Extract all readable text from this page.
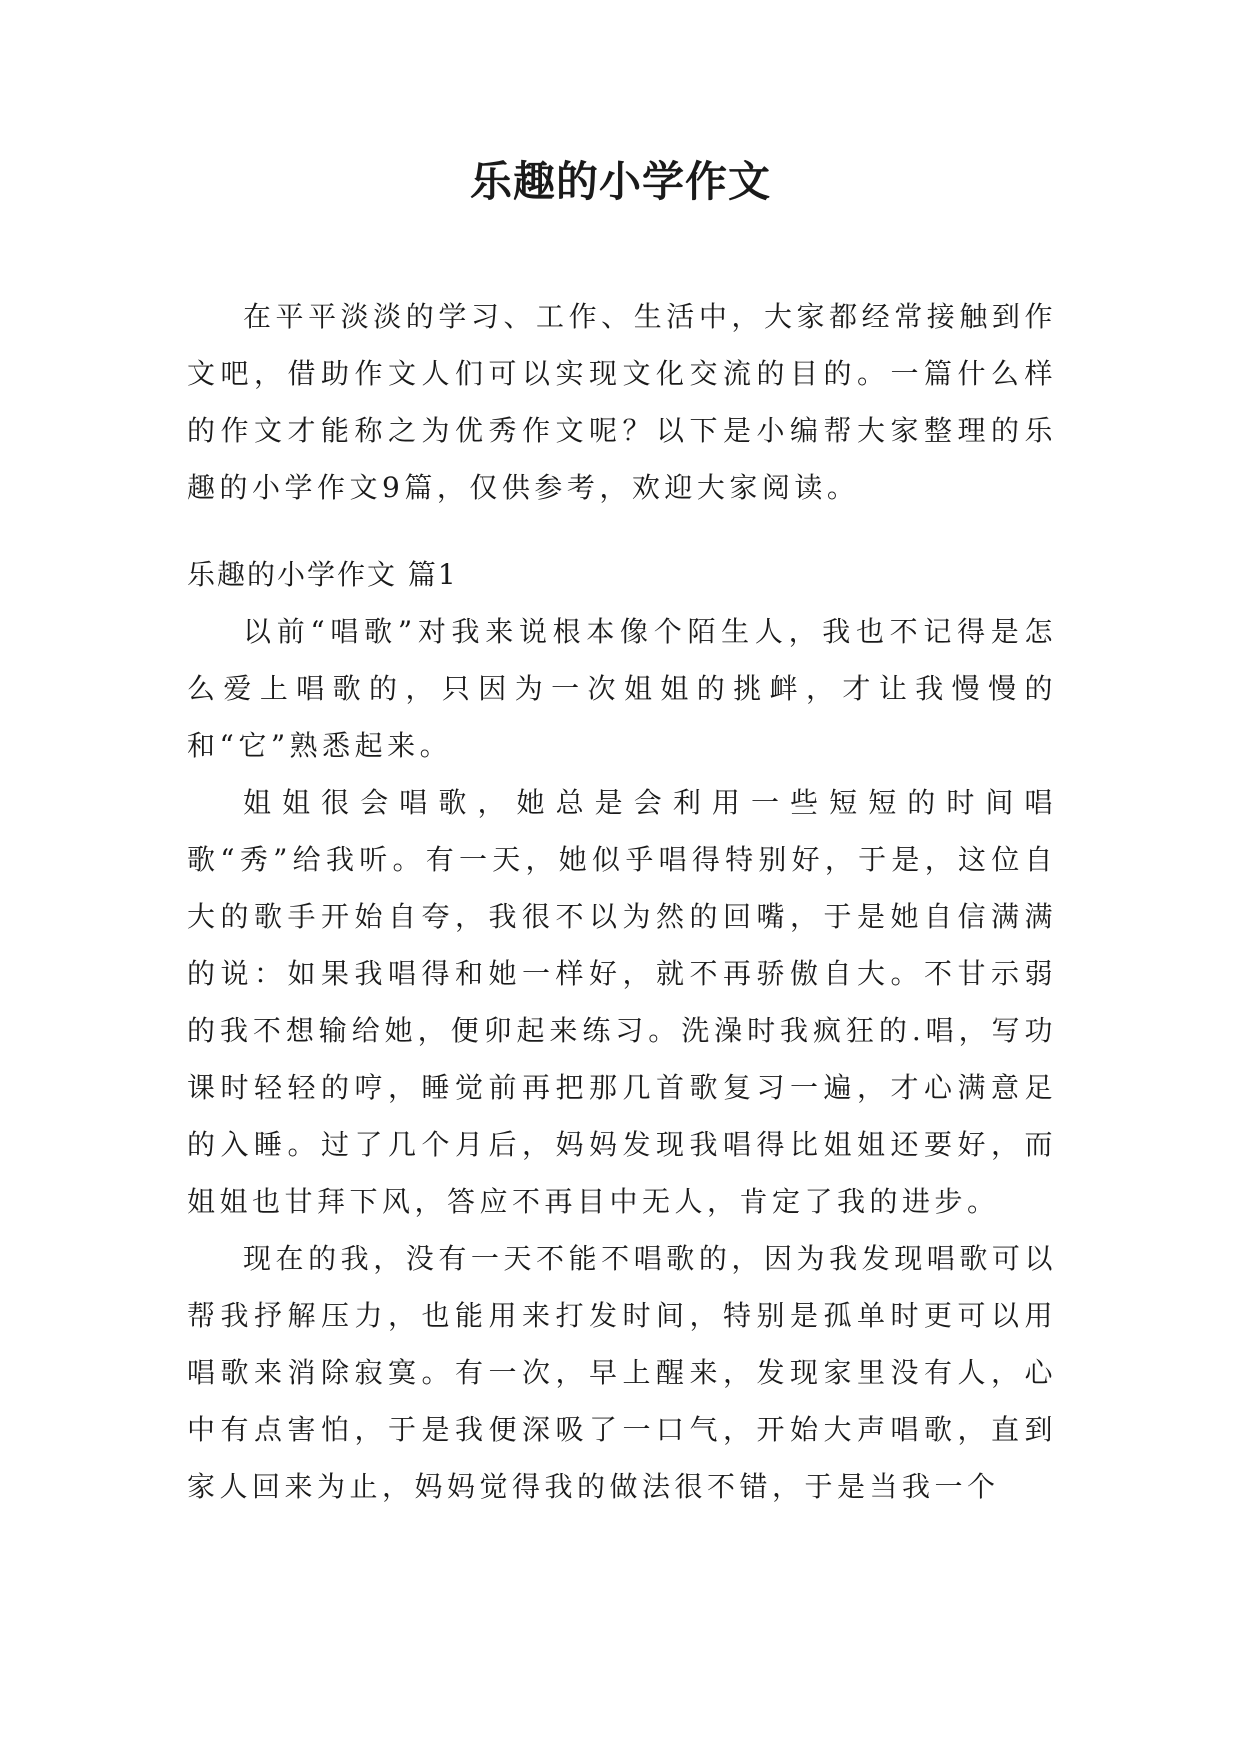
乐趣的小学作文

在平平淡淡的学习、工作、生活中，大家都经常接触到作文吧，借助作文人们可以实现文化交流的目的。一篇什么样的作文才能称之为优秀作文呢？以下是小编帮大家整理的乐趣的小学作文9篇，仅供参考，欢迎大家阅读。

乐趣的小学作文 篇1

以前“唱歌”对我来说根本像个陌生人，我也不记得是怎么爱上唱歌的，只因为一次姐姐的挑衅，才让我慢慢的和“它”熟悉起来。

姐姐很会唱歌，她总是会利用一些短短的时间唱歌“秀”给我听。有一天，她似乎唱得特别好，于是，这位自大的歌手开始自夸，我很不以为然的回嘴，于是她自信满满的说：如果我唱得和她一样好，就不再骄傲自大。不甘示弱的我不想输给她，便卯起来练习。洗澡时我疯狂的.唱，写功课时轻轻的哼，睡觉前再把那几首歌复习一遍，才心满意足的入睡。过了几个月后，妈妈发现我唱得比姐姐还要好，而姐姐也甘拜下风，答应不再目中无人，肯定了我的进步。

现在的我，没有一天不能不唱歌的，因为我发现唱歌可以帮我抒解压力，也能用来打发时间，特别是孤单时更可以用唱歌来消除寂寞。有一次，早上醒来，发现家里没有人，心中有点害怕，于是我便深吸了一口气，开始大声唱歌，直到家人回来为止，妈妈觉得我的做法很不错，于是当我一个
